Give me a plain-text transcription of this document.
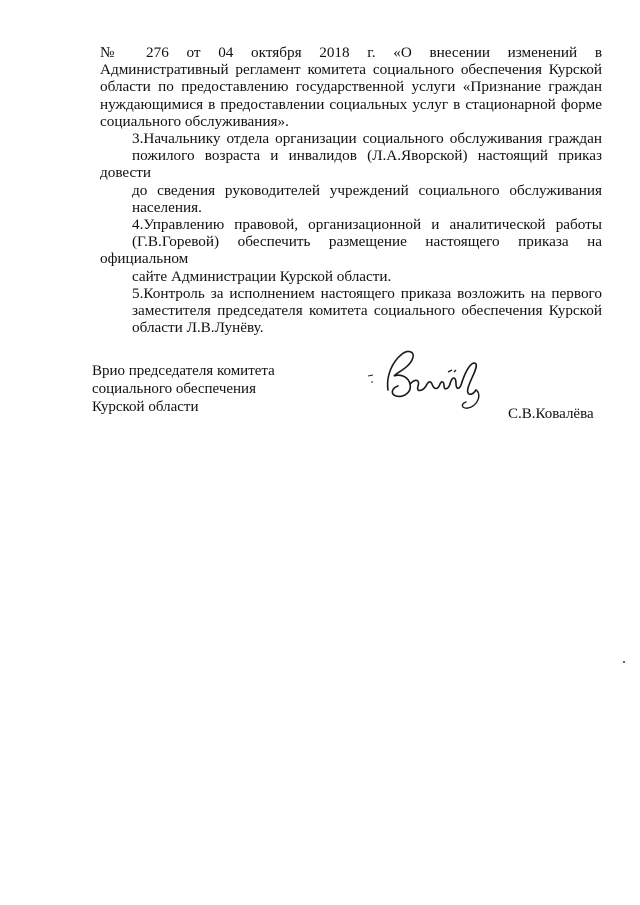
№ 276 от 04 октября 2018 г. «О внесении изменений в
Административный регламент комитета социального обеспечения Курской
области по предоставлению государственной услуги «Признание граждан
нуждающимися в предоставлении социальных услуг в стационарной форме
социального обслуживания».
3.Начальнику отдела организации социального обслуживания граждан
пожилого возраста и инвалидов (Л.А.Яворской) настоящий приказ довести
до сведения руководителей учреждений социального обслуживания
населения.
4.Управлению правовой, организационной и аналитической работы
(Г.В.Горевой) обеспечить размещение настоящего приказа на официальном
сайте Администрации Курской области.
5.Контроль за исполнением настоящего приказа возложить на первого
заместителя председателя комитета социального обеспечения Курской
области Л.В.Лунёву.
Врио председателя комитета
социального обеспечения
Курской области	С.В.Ковалёва
